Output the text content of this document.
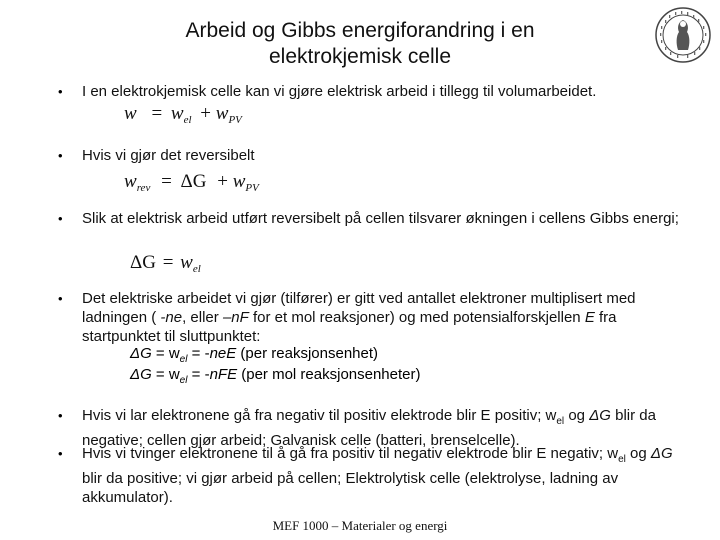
Arbeid og Gibbs energiforandring i en
elektrokjemisk celle
• I en elektrokjemisk celle kan vi gjøre elektrisk arbeid i tillegg til volumarbeidet.
$w = w_{el} + w_{PV}$
• Hvis vi gjør det reversibelt
$w_{rev} = \Delta G + w_{PV}$
• Slik at elektrisk arbeid utført reversibelt på cellen tilsvarer økningen i cellens Gibbs energi;
$\Delta G = w_{el}$
• Det elektriske arbeidet vi gjør (tilfører) er gitt ved antallet elektroner multiplisert med ladningen ( -ne, eller –nF for et mol reaksjoner) og med potensialforskjellen E fra startpunktet til sluttpunktet:
$\Delta G = w_{el} = -neE$ (per reaksjonsenhet)
$\Delta G = w_{el} = -nFE$ (per mol reaksjonsenheter)
• Hvis vi lar elektronene gå fra negativ til positiv elektrode blir E positiv; $w_{el}$ og ΔG blir da negative; cellen gjør arbeid; Galvanisk celle (batteri, brenselcelle).
• Hvis vi tvinger elektronene til å gå fra positiv til negativ elektrode blir E negativ; $w_{el}$ og ΔG blir da positive; vi gjør arbeid på cellen; Elektrolytisk celle (elektrolyse, ladning av akkumulator).
MEF 1000 – Materialer og energi
